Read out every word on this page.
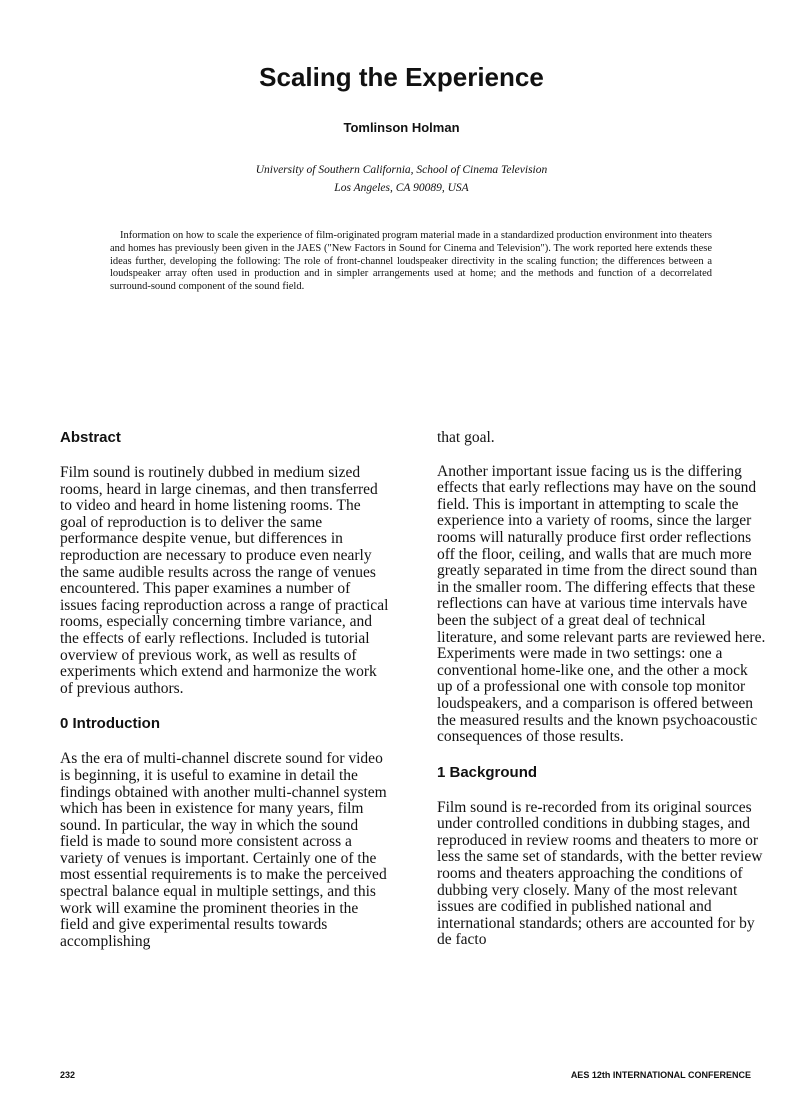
Scaling the Experience
Tomlinson Holman
University of Southern California, School of Cinema Television
Los Angeles, CA 90089, USA

Information on how to scale the experience of film-originated program material made in a standardized production environment into theaters and homes has previously been given in the JAES ("New Factors in Sound for Cinema and Television"). The work reported here extends these ideas further, developing the following: The role of front-channel loudspeaker directivity in the scaling function; the differences between a loudspeaker array often used in production and in simpler arrangements used at home; and the methods and function of a decorrelated surround-sound component of the sound field.

Abstract

Film sound is routinely dubbed in medium sized rooms, heard in large cinemas, and then transferred to video and heard in home listening rooms. The goal of reproduction is to deliver the same performance despite venue, but differences in reproduction are necessary to produce even nearly the same audible results across the range of venues encountered. This paper examines a number of issues facing reproduction across a range of practical rooms, especially concerning timbre variance, and the effects of early reflections. Included is tutorial overview of previous work, as well as results of experiments which extend and harmonize the work of previous authors.

0 Introduction

As the era of multi-channel discrete sound for video is beginning, it is useful to examine in detail the findings obtained with another multi-channel system which has been in existence for many years, film sound. In particular, the way in which the sound field is made to sound more consistent across a variety of venues is important. Certainly one of the most essential requirements is to make the perceived spectral balance equal in multiple settings, and this work will examine the prominent theories in the field and give experimental results towards accomplishing

that goal.

Another important issue facing us is the differing effects that early reflections may have on the sound field. This is important in attempting to scale the experience into a variety of rooms, since the larger rooms will naturally produce first order reflections off the floor, ceiling, and walls that are much more greatly separated in time from the direct sound than in the smaller room. The differing effects that these reflections can have at various time intervals have been the subject of a great deal of technical literature, and some relevant parts are reviewed here. Experiments were made in two settings: one a conventional home-like one, and the other a mock up of a professional one with console top monitor loudspeakers, and a comparison is offered between the measured results and the known psychoacoustic consequences of those results.

1 Background

Film sound is re-recorded from its original sources under controlled conditions in dubbing stages, and reproduced in review rooms and theaters to more or less the same set of standards, with the better review rooms and theaters approaching the conditions of dubbing very closely. Many of the most relevant issues are codified in published national and international standards; others are accounted for by de facto

232	AES 12th INTERNATIONAL CONFERENCE
